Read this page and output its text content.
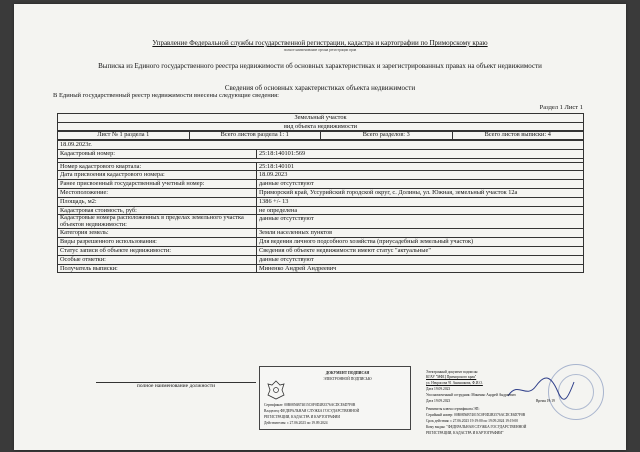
Управление Федеральной службы государственной регистрации, кадастра и картографии по Приморскому краю
полное наименование органа регистрации прав
Выписка из Единого государственного реестра недвижимости об основных характеристиках и зарегистрированных правах на объект недвижимости
Сведения об основных характеристиках объекта недвижимости
В Единый государственный реестр недвижимости внесены следующие сведения:
Раздел 1 Лист 1
Земельный участок
вид объекта недвижимости
Лист № 1 раздела 1	Всего листов раздела 1: 1	Всего разделов: 3	Всего листов выписки: 4
18.09.2023г.	
Кадастровый номер:	25:18:140101:569

Номер кадастрового квартала:	25:18:140101
Дата присвоения кадастрового номера:	18.09.2023
Ранее присвоенный государственный учетный номер:	данные отсутствуют
Местоположение:	Приморский край, Уссурийский городской округ, с. Долины, ул. Южная, земельный участок 12а
Площадь, м2:	1386 +/- 13
Кадастровая стоимость, руб:	не определена
Кадастровые номера расположенных в пределах земельного участка объектов недвижимости:	данные отсутствуют
Категория земель:	Земли населенных пунктов
Виды разрешенного использования:	Для ведения личного подсобного хозяйства (приусадебный земельный участок)
Статус записи об объекте недвижимости:	Сведения об объекте недвижимости имеют статус "актуальные"
Особые отметки:	данные отсутствуют
Получатель выписки:	Миненко Андрей Андреевич
полное наименование должности
ДОКУМЕНТ ПОДПИСАН
ЭЛЕКТРОННОЙ ПОДПИСЬЮ
Сертификат: 00B0856B74015C0F0D2B3576ACDCE6D7F0B
Владелец: ФЕДЕРАЛЬНАЯ СЛУЖБА ГОСУДАРСТВЕННОЙ
РЕГИСТРАЦИИ, КАДАСТРА И КАРТОГРАФИИ
Действителен: с 27.06.2023 по 19.09.2024
Электронный документ подписан
КГАУ "МФЦ Приморского края"
ул. Некрасова 91 Аниншкова, Ф.И.О.
Дата 19.09.2023
Уполномоченный сотрудник: Миненко Андрей Андреевич
Дата 19.09.2023	Время 19:19
Реквизиты ключа сертификата ЭП:
Серийный номер: 00B0856B74015C0F0D2B3576ACDCE6D7F0B
Срок действия: с 27.06.2023 19:19:00 по 19.09.2024 19:19:00
Кому выдан: "ФЕДЕРАЛЬНАЯ СЛУЖБА ГОСУДАРСТВЕННОЙ
РЕГИСТРАЦИИ, КАДАСТРА И КАРТОГРАФИИ"
